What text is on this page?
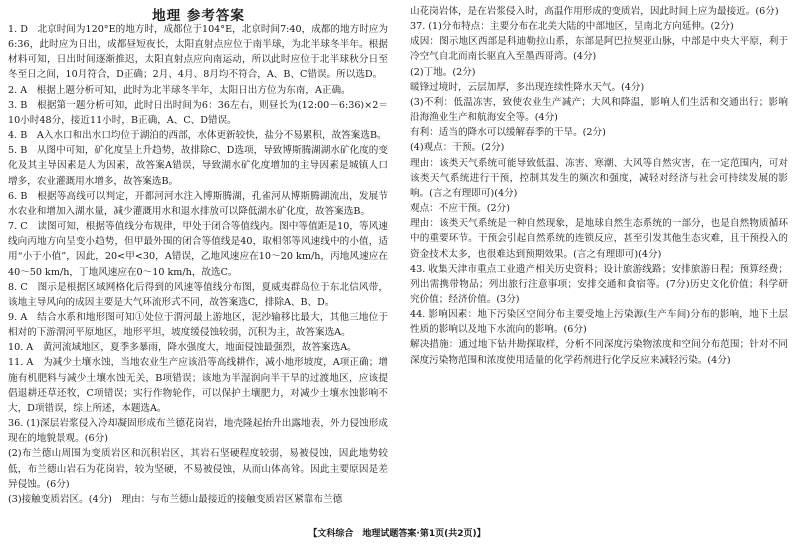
地理 参考答案

1. D　北京时间为120°E的地方时，成都位于104°E，北京时间7:40，成都的地方时应为6:36，此时应为日出，成都昼短夜长，太阳直射点应位于南半球，为北半球冬半年。根据材料可知，日出时间逐渐推迟，太阳直射点应向南运动，所以此时应位于北半球秋分日至冬至日之间，10月符合，D正确；2月、4月、8月均不符合，A、B、C错误。所以选D。

2. A　根据上题分析可知，此时为北半球冬半年，太阳日出方位为东南，A正确。

3. B　根据第一题分析可知，此时日出时间为6：36左右，则昼长为(12:00－6:36)×2＝10小时48分，接近11小时，B正确，A、C、D错误。

4. B　A入水口和出水口均位于湖泊的西部，水体更新较快，盐分不易累积，故答案选B。

5. B　从图中可知，矿化度呈上升趋势，故排除C、D选项，导致博斯腾湖湖水矿化度的变化及其主导因素是人为因素，故答案A错误，导致湖水矿化度增加的主导因素是城镇人口增多，农业灌溉用水增多，故答案选B。

6. B　根据等高线可以判定，开都河河水注入博斯腾湖，孔雀河从博斯腾湖流出，发展节水农业和增加入湖水量，减少灌溉用水和退水排放可以降低湖水矿化度，故答案选B。

7. C　读图可知，根据等值线分布规律，甲处于闭合等值线内。图中等值距是10，等风速线向丙地方向呈变小趋势，但甲最外围的闭合等值线是40，取相邻等风速线中的小值，适用“小于小值”，因此，20<甲<30，A错误，乙地风速应在10～20 km/h，丙地风速应在40～50 km/h，丁地风速应在0～10 km/h，故选C。

8. C　图示是根据区域网格化后得到的风速等值线分布图，夏威夷群岛位于东北信风带，该地主导风向的成因主要是大气环流形式不同，故答案选C，排除A、B、D。

9. A　结合水系和地形图可知①处位于渭河最上游地区，泥沙输移比最大，其他三地位于相对的下游渭河平原地区，地形平坦，坡度缓侵蚀较弱，沉积为主，故答案选A。

10. A　黄河流域地区，夏季多暴雨，降水强度大，地面侵蚀最强烈，故答案选A。

11. A　为减少土壤水蚀，当地农业生产应该沿等高线耕作，减小地形坡度，A项正确；增施有机肥料与减少土壤水蚀无关，B项错误；该地为半湿润向半干旱的过渡地区，应该提倡退耕还草还牧，C项错误；实行作物轮作，可以保护土壤肥力，对减少土壤水蚀影响不大，D项错误，综上所述，本题选A。

36. (1)深层岩浆侵入冷却凝固形成布兰德花岗岩，地壳隆起抬升出露地表，外力侵蚀形成现在的地貌景观。(6分)

(2)布兰德山周围为变质岩区和沉积岩区，其岩石坚硬程度较弱，易被侵蚀，因此地势较低，布兰德山岩石为花岗岩，较为坚硬，不易被侵蚀，从而山体高耸。因此主要原因是差异侵蚀。(6分)

(3)接触变质岩区。(4分)　理由：与布兰德山最接近的接触变质岩区紧靠布兰德

山花岗岩体，是在岩浆侵入时，高温作用形成的变质岩，因此时间上应为最接近。(6分)

37. (1)分布特点：主要分布在北美大陆的中部地区，呈南北方向延伸。(2分)

成因：图示地区西部是科迪勒拉山系，东部是阿巴拉契亚山脉，中部是中央大平原，利于冷空气自北而南长驱直入至墨西哥湾。(4分)

(2)丁地。(2分)

暖锋过境时，云层加厚，多出现连续性降水天气。(4分)

(3)不利：低温冻害，致使农业生产减产；大风和降温，影响人们生活和交通出行；影响沿海渔业生产和航海安全等。(4分)

有利：适当的降水可以缓解春季的干旱。(2分)

(4)观点：干预。(2分)

理由：该类天气系统可能导致低温、冻害、寒潮、大风等自然灾害，在一定范围内，可对该类天气系统进行干预，控制其发生的频次和强度，减轻对经济与社会可持续发展的影响。(言之有理即可)(4分)

观点：不应干预。(2分)

理由：该类天气系统是一种自然现象，是地球自然生态系统的一部分，也是自然物质循环中的重要环节。干预会引起自然系统的连锁反应，甚至引发其他生态灾难，且干预投入的资金技术太多，也很难达到预期效果。(言之有理即可)(4分)

43. 收集天津市重点工业遗产相关历史资料；设计旅游线路；安排旅游日程；预算经费；列出需携带物品；列出旅行注意事项；安排交通和食宿等。(7分)历史文化价值；科学研究价值；经济价值。(3分)

44. 影响因素：地下污染区空间分布主要受地上污染源(生产车间)分布的影响，地下土层性质的影响以及地下水流向的影响。(6分)

解决措施：通过地下钻井勘探取样，分析不同深度污染物浓度和空间分布范围；针对不同深度污染物范围和浓度使用适量的化学药剂进行化学反应来减轻污染。(4分)

【文科综合　地理试题答案·第1页(共2页)】
